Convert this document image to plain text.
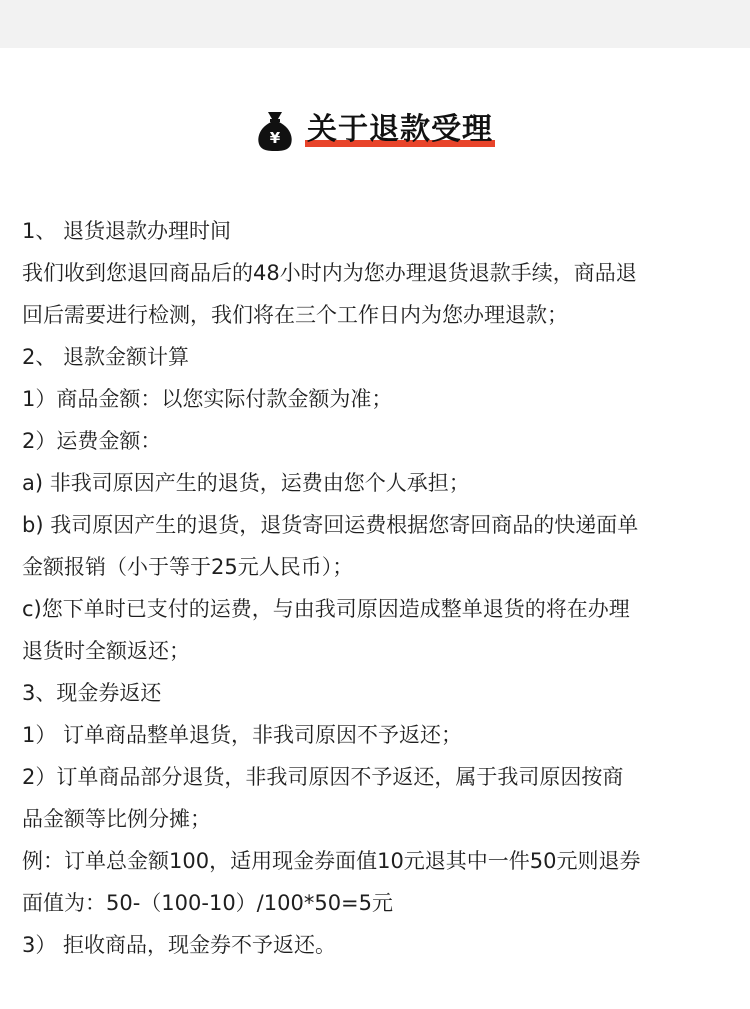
¥ 关于退款受理
1、 退货退款办理时间
我们收到您退回商品后的48小时内为您办理退货退款手续，商品退
回后需要进行检测，我们将在三个工作日内为您办理退款；
2、 退款金额计算
1）商品金额：以您实际付款金额为准；
2）运费金额：
a) 非我司原因产生的退货，运费由您个人承担；
b) 我司原因产生的退货，退货寄回运费根据您寄回商品的快递面单
金额报销（小于等于25元人民币）；
c)您下单时已支付的运费，与由我司原因造成整单退货的将在办理
退货时全额返还；
3、现金券返还
1） 订单商品整单退货，非我司原因不予返还；
2）订单商品部分退货，非我司原因不予返还，属于我司原因按商
品金额等比例分摊；
例：订单总金额100，适用现金券面值10元退其中一件50元则退券
面值为：50-（100-10）/100*50=5元
3） 拒收商品，现金券不予返还。
